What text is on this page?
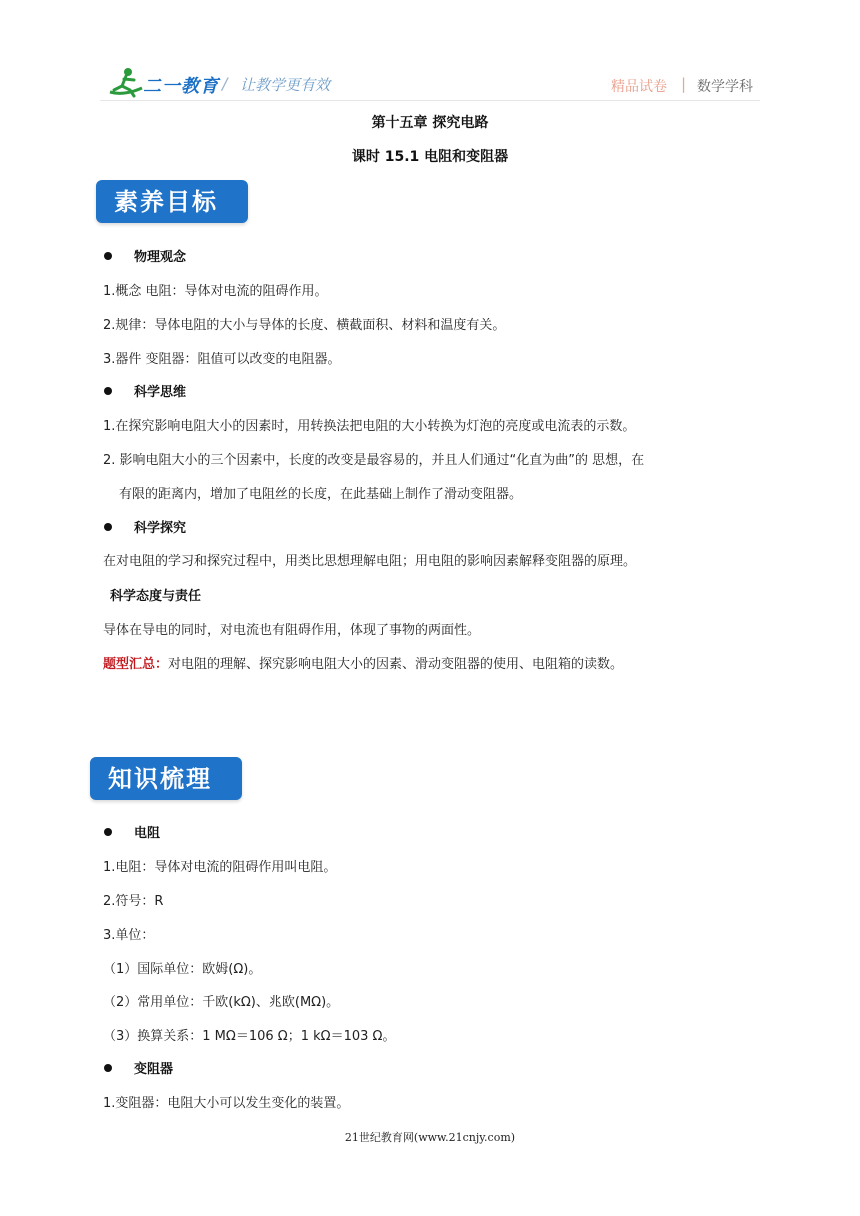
二一教育 / 让教学更有效	精品试卷 | 数学学科
第十五章 探究电路
课时 15.1 电阻和变阻器
素养目标
物理观念
1.概念 电阻：导体对电流的阻碍作用。
2.规律：导体电阻的大小与导体的长度、横截面积、材料和温度有关。
3.器件 变阻器：阻值可以改变的电阻器。
科学思维
1.在探究影响电阻大小的因素时，用转换法把电阻的大小转换为灯泡的亮度或电流表的示数。
2. 影响电阻大小的三个因素中，长度的改变是最容易的，并且人们通过“化直为曲”的 思想，在
有限的距离内，增加了电阻丝的长度，在此基础上制作了滑动变阻器。
科学探究
在对电阻的学习和探究过程中，用类比思想理解电阻；用电阻的影响因素解释变阻器的原理。
科学态度与责任
导体在导电的同时，对电流也有阻碍作用，体现了事物的两面性。
题型汇总：对电阻的理解、探究影响电阻大小的因素、滑动变阻器的使用、电阻箱的读数。
知识梳理
电阻
1.电阻：导体对电流的阻碍作用叫电阻。
2.符号：R
3.单位：
（1）国际单位：欧姆(Ω)。
（2）常用单位：千欧(kΩ)、兆欧(MΩ)。
（3）换算关系：1 MΩ＝106 Ω；1 kΩ＝103 Ω。
变阻器
1.变阻器：电阻大小可以发生变化的装置。
21世纪教育网(www.21cnjy.com)
